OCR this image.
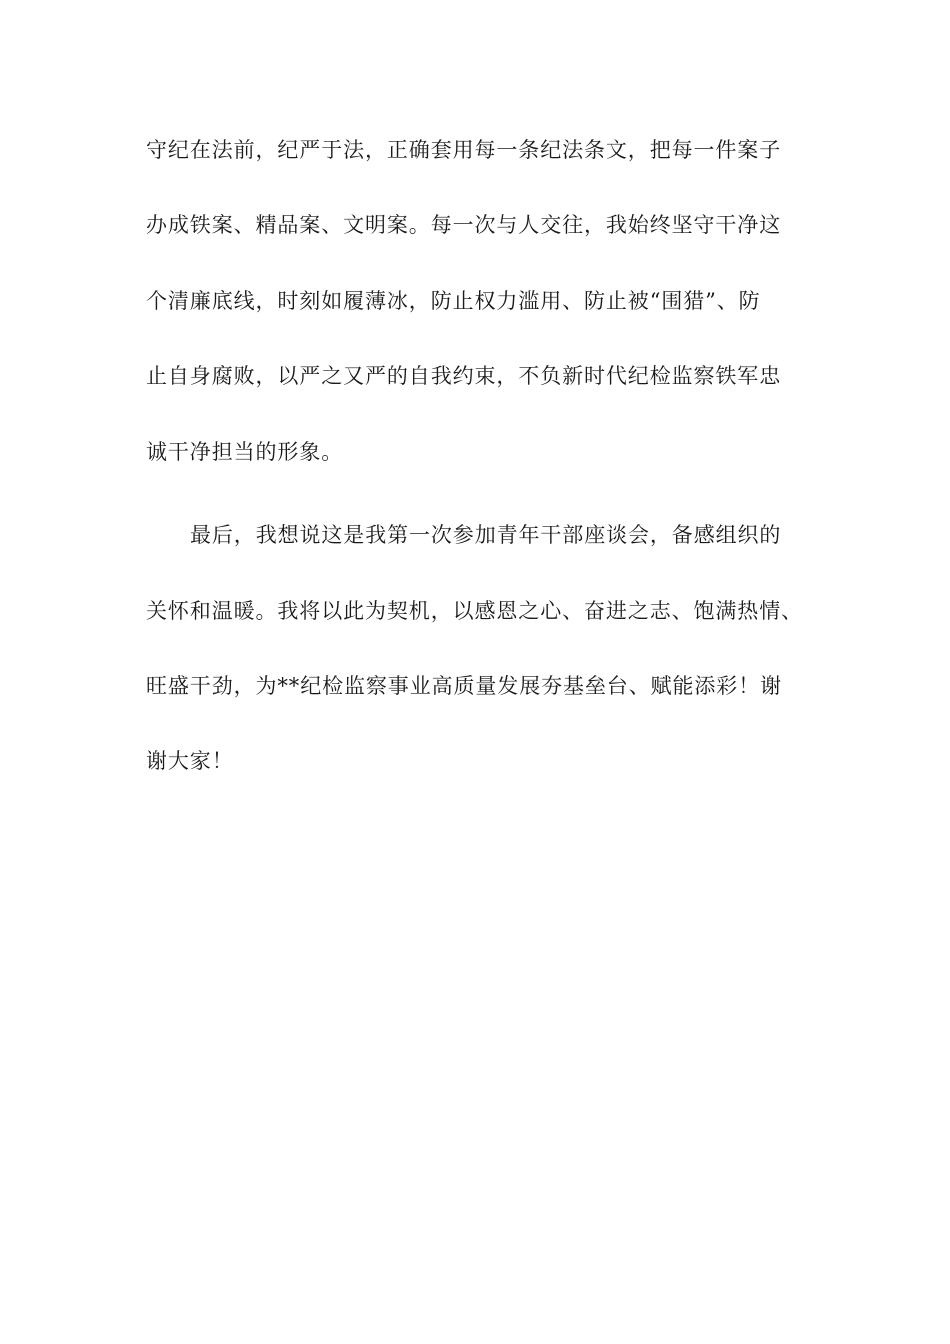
守纪在法前，纪严于法，正确套用每一条纪法条文，把每一件案子
办成铁案、精品案、文明案。每一次与人交往，我始终坚守干净这
个清廉底线，时刻如履薄冰，防止权力滥用、防止被“围猎”、防
止自身腐败，以严之又严的自我约束，不负新时代纪检监察铁军忠
诚干净担当的形象。
最后，我想说这是我第一次参加青年干部座谈会，备感组织的
关怀和温暖。我将以此为契机，以感恩之心、奋进之志、饱满热情、
旺盛干劲，为**纪检监察事业高质量发展夯基垒台、赋能添彩！谢
谢大家！
